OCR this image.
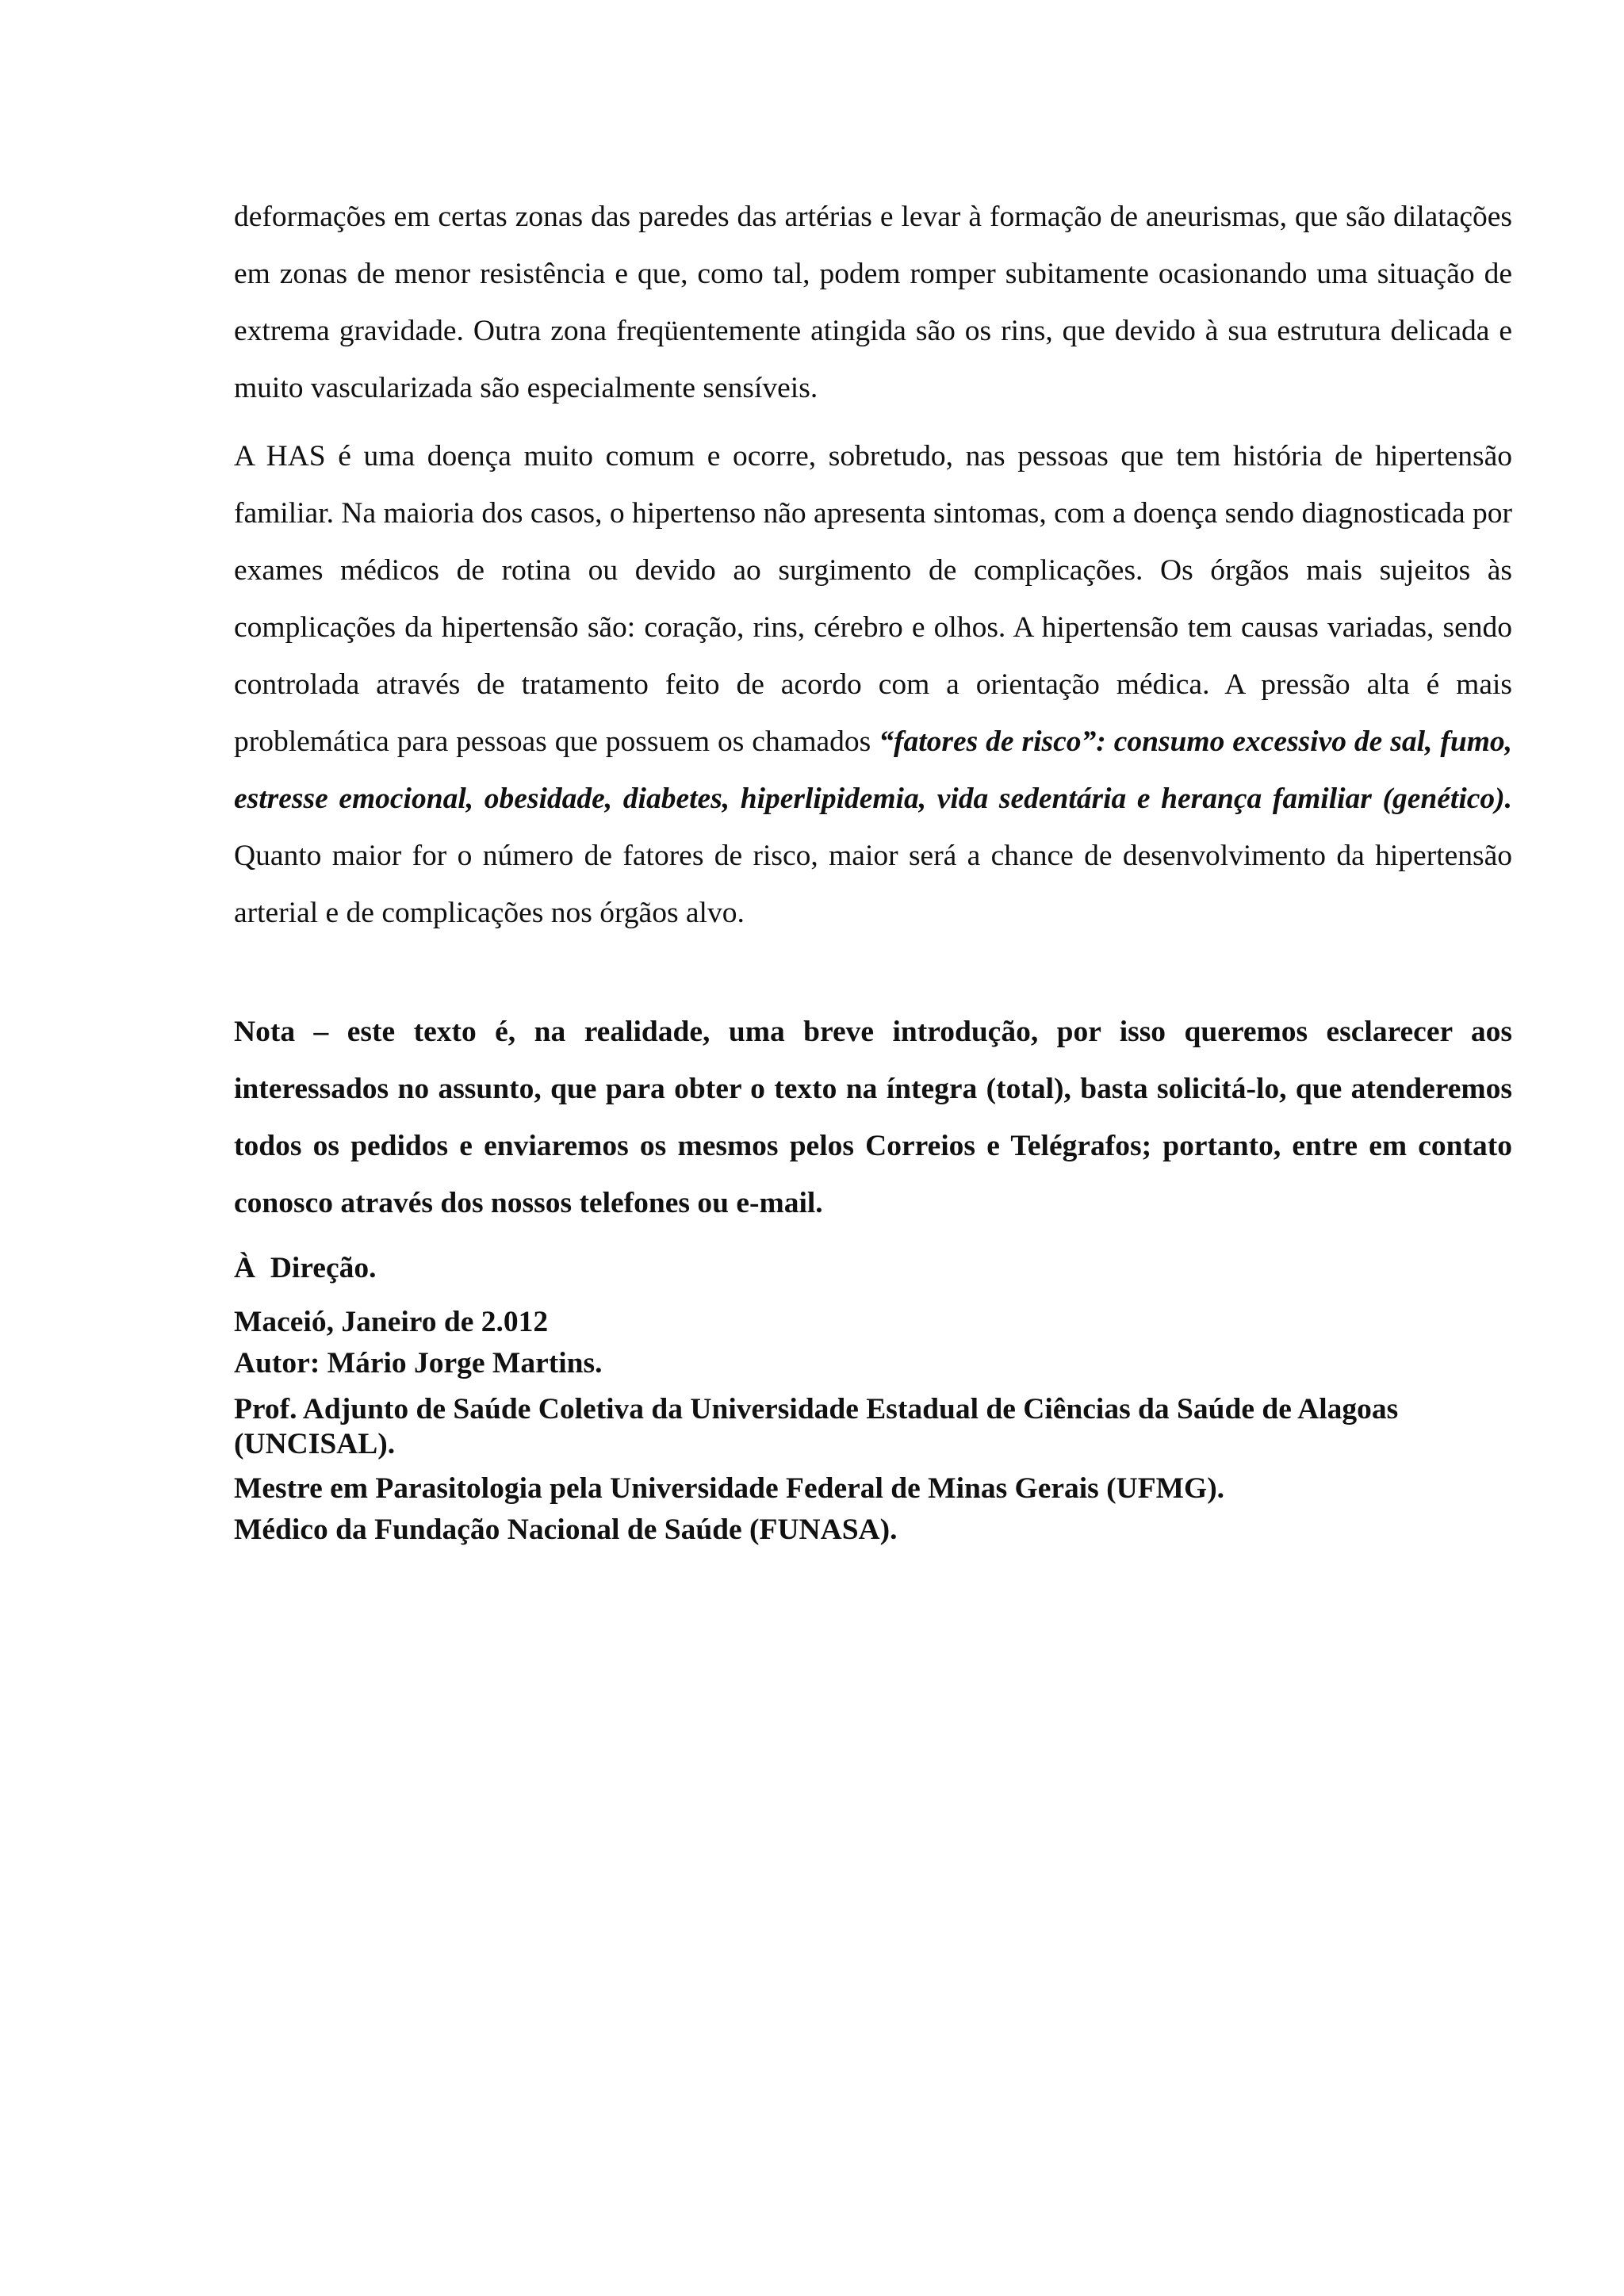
deformações em certas zonas das paredes das artérias e levar à formação de aneurismas, que são dilatações em zonas de menor resistência e que, como tal, podem romper subitamente ocasionando uma situação de extrema gravidade. Outra zona freqüentemente atingida são os rins, que devido à sua estrutura delicada e muito vascularizada são especialmente sensíveis.

A HAS é uma doença muito comum e ocorre, sobretudo, nas pessoas que tem história de hipertensão familiar. Na maioria dos casos, o hipertenso não apresenta sintomas, com a doença sendo diagnosticada por exames médicos de rotina ou devido ao surgimento de complicações. Os órgãos mais sujeitos às complicações da hipertensão são: coração, rins, cérebro e olhos. A hipertensão tem causas variadas, sendo controlada através de tratamento feito de acordo com a orientação médica. A pressão alta é mais problemática para pessoas que possuem os chamados “fatores de risco”: consumo excessivo de sal, fumo, estresse emocional, obesidade, diabetes, hiperlipidemia, vida sedentária e herança familiar (genético). Quanto maior for o número de fatores de risco, maior será a chance de desenvolvimento da hipertensão arterial e de complicações nos órgãos alvo.

Nota – este texto é, na realidade, uma breve introdução, por isso queremos esclarecer aos interessados no assunto, que para obter o texto na íntegra (total), basta solicitá-lo, que atenderemos todos os pedidos e enviaremos os mesmos pelos Correios e Telégrafos; portanto, entre em contato conosco através dos nossos telefones ou e-mail.

À  Direção.

Maceió, Janeiro de 2.012

Autor: Mário Jorge Martins.

Prof. Adjunto de Saúde Coletiva da Universidade Estadual de Ciências da Saúde de Alagoas (UNCISAL).

Mestre em Parasitologia pela Universidade Federal de Minas Gerais (UFMG).

Médico da Fundação Nacional de Saúde (FUNASA).
